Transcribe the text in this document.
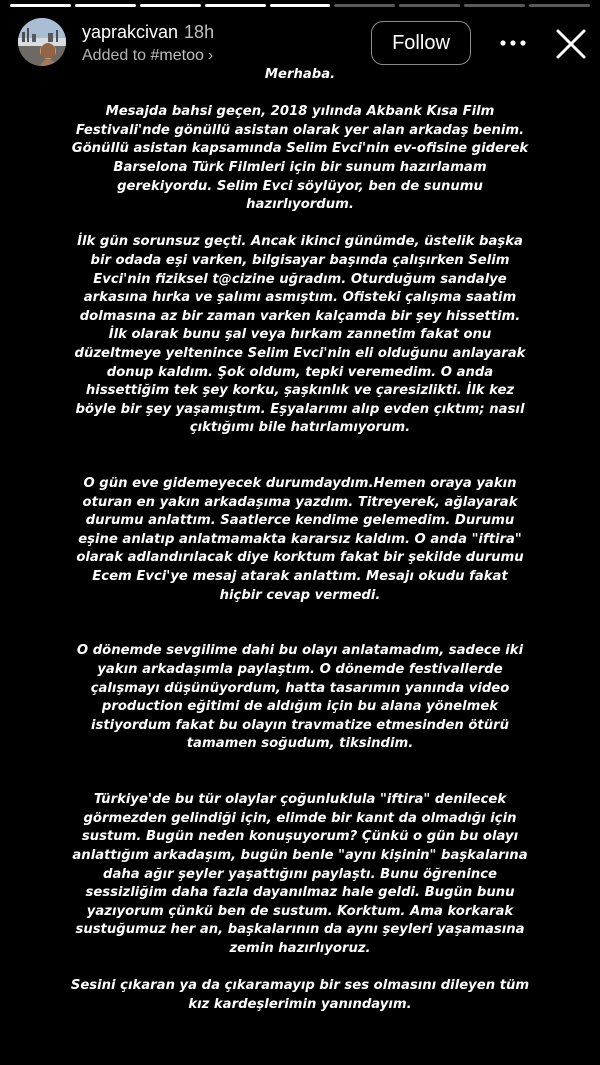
yaprakcivan 18h
Added to #metoo ›
Follow

Merhaba.

Mesajda bahsi geçen, 2018 yılında Akbank Kısa Film Festivali'nde gönüllü asistan olarak yer alan arkadaş benim. Gönüllü asistan kapsamında Selim Evci'nin ev-ofisine giderek Barselona Türk Filmleri için bir sunum hazırlamam gerekiyordu. Selim Evci söylüyor, ben de sunumu hazırlıyordum.

İlk gün sorunsuz geçti. Ancak ikinci günümde, üstelik başka bir odada eşi varken, bilgisayar başında çalışırken Selim Evci'nin fiziksel t@cizine uğradım. Oturduğum sandalye arkasına hırka ve şalımı asmıştım. Ofisteki çalışma saatim dolmasına az bir zaman varken kalçamda bir şey hissettim. İlk olarak bunu şal veya hırkam zannetim fakat onu düzeltmeye yeltenince Selim Evci'nin eli olduğunu anlayarak donup kaldım. Şok oldum, tepki veremedim. O anda hissettiğim tek şey korku, şaşkınlık ve çaresizlikti. İlk kez böyle bir şey yaşamıştım. Eşyalarımı alıp evden çıktım; nasıl çıktığımı bile hatırlamıyorum.

O gün eve gidemeyecek durumdaydım.Hemen oraya yakın oturan en yakın arkadaşıma yazdım. Titreyerek, ağlayarak durumu anlattım. Saatlerce kendime gelemedim. Durumu eşine anlatıp anlatmamakta kararsız kaldım. O anda "iftira" olarak adlandırılacak diye korktum fakat bir şekilde durumu Ecem Evci'ye mesaj atarak anlattım. Mesajı okudu fakat hiçbir cevap vermedi.

O dönemde sevgilime dahi bu olayı anlatamadım, sadece iki yakın arkadaşımla paylaştım. O dönemde festivallerde çalışmayı düşünüyordum, hatta tasarımın yanında video production eğitimi de aldığım için bu alana yönelmek istiyordum fakat bu olayın travmatize etmesinden ötürü tamamen soğudum, tiksindim.

Türkiye'de bu tür olaylar çoğunluklula "iftira" denilecek görmezden gelindiği için, elimde bir kanıt da olmadığı için sustum. Bugün neden konuşuyorum? Çünkü o gün bu olayı anlattığım arkadaşım, bugün benle "aynı kişinin" başkalarına daha ağır şeyler yaşattığını paylaştı. Bunu öğrenince sessizliğim daha fazla dayanılmaz hale geldi. Bugün bunu yazıyorum çünkü ben de sustum. Korktum. Ama korkarak sustuğumuz her an, başkalarının da aynı şeyleri yaşamasına zemin hazırlıyoruz.

Sesini çıkaran ya da çıkaramayıp bir ses olmasını dileyen tüm kız kardeşlerimin yanındayım.
